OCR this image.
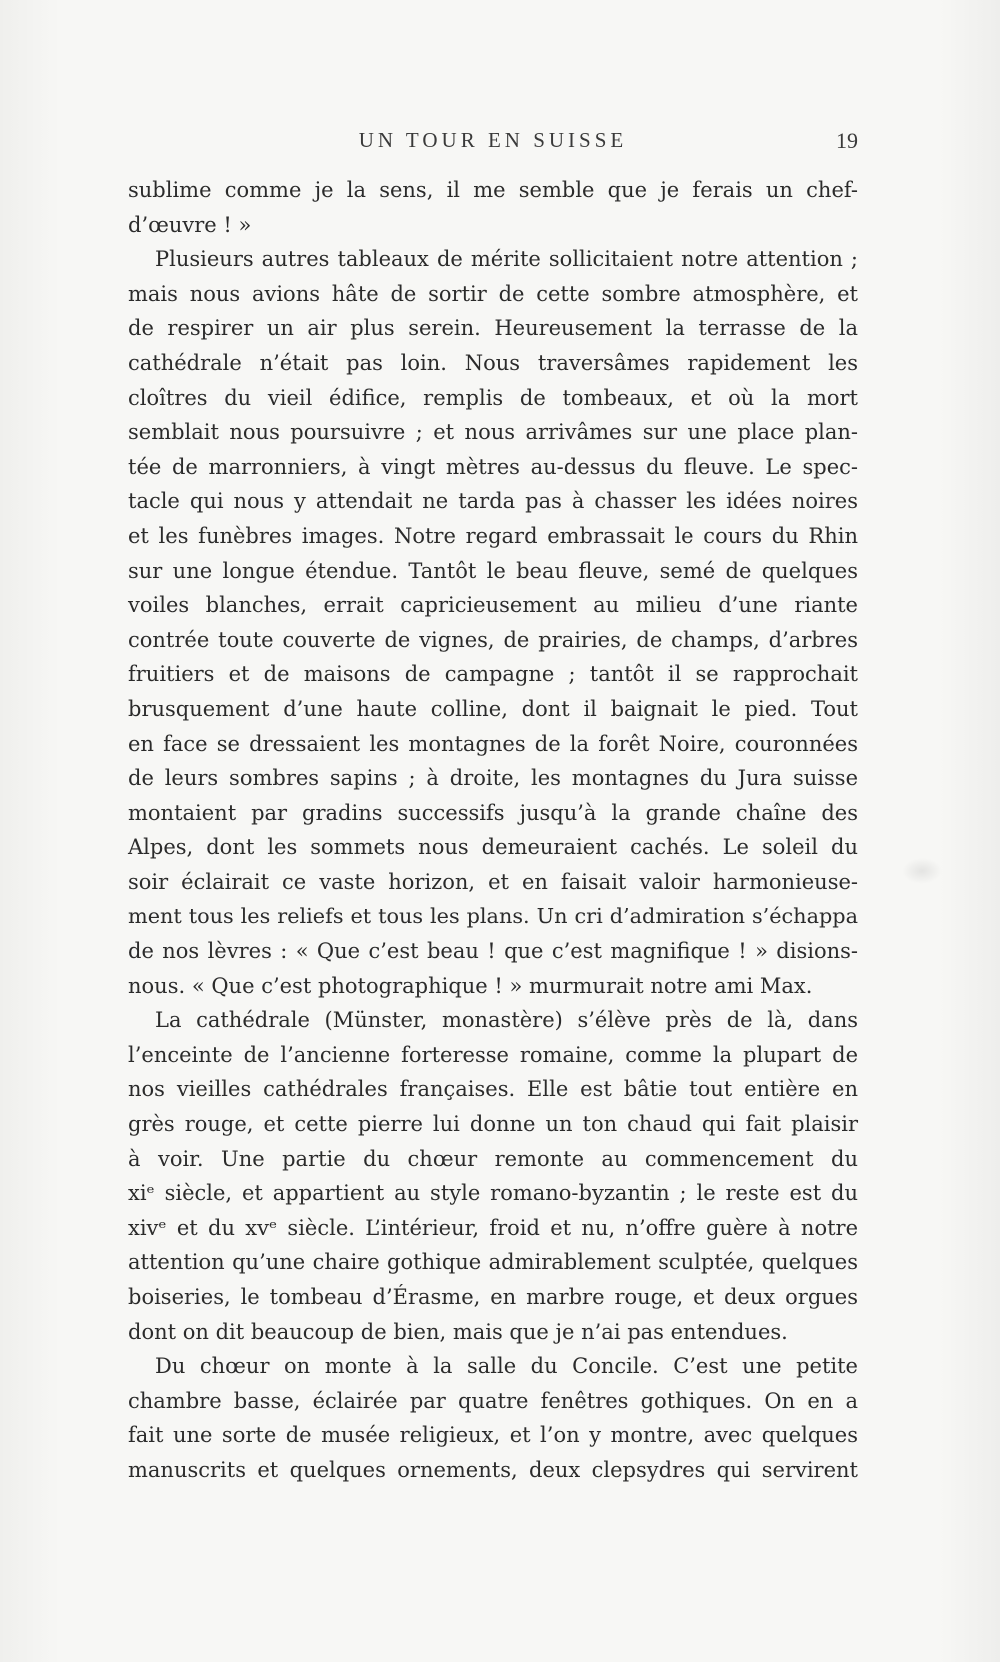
UN TOUR EN SUISSE	19
sublime comme je la sens, il me semble que je ferais un chef-
d’œuvre ! »
Plusieurs autres tableaux de mérite sollicitaient notre attention ;
mais nous avions hâte de sortir de cette sombre atmosphère, et
de respirer un air plus serein. Heureusement la terrasse de la
cathédrale n’était pas loin. Nous traversâmes rapidement les
cloîtres du vieil édifice, remplis de tombeaux, et où la mort
semblait nous poursuivre ; et nous arrivâmes sur une place plan-
tée de marronniers, à vingt mètres au-dessus du fleuve. Le spec-
tacle qui nous y attendait ne tarda pas à chasser les idées noires
et les funèbres images. Notre regard embrassait le cours du Rhin
sur une longue étendue. Tantôt le beau fleuve, semé de quelques
voiles blanches, errait capricieusement au milieu d’une riante
contrée toute couverte de vignes, de prairies, de champs, d’arbres
fruitiers et de maisons de campagne ; tantôt il se rapprochait
brusquement d’une haute colline, dont il baignait le pied. Tout
en face se dressaient les montagnes de la forêt Noire, couronnées
de leurs sombres sapins ; à droite, les montagnes du Jura suisse
montaient par gradins successifs jusqu’à la grande chaîne des
Alpes, dont les sommets nous demeuraient cachés. Le soleil du
soir éclairait ce vaste horizon, et en faisait valoir harmonieuse-
ment tous les reliefs et tous les plans. Un cri d’admiration s’échappa
de nos lèvres : « Que c’est beau ! que c’est magnifique ! » disions-
nous. « Que c’est photographique ! » murmurait notre ami Max.
La cathédrale (Münster, monastère) s’élève près de là, dans
l’enceinte de l’ancienne forteresse romaine, comme la plupart de
nos vieilles cathédrales françaises. Elle est bâtie tout entière en
grès rouge, et cette pierre lui donne un ton chaud qui fait plaisir
à voir. Une partie du chœur remonte au commencement du
xiᵉ siècle, et appartient au style romano-byzantin ; le reste est du
xivᵉ et du xvᵉ siècle. L’intérieur, froid et nu, n’offre guère à notre
attention qu’une chaire gothique admirablement sculptée, quelques
boiseries, le tombeau d’Érasme, en marbre rouge, et deux orgues
dont on dit beaucoup de bien, mais que je n’ai pas entendues.
Du chœur on monte à la salle du Concile. C’est une petite
chambre basse, éclairée par quatre fenêtres gothiques. On en a
fait une sorte de musée religieux, et l’on y montre, avec quelques
manuscrits et quelques ornements, deux clepsydres qui servirent
